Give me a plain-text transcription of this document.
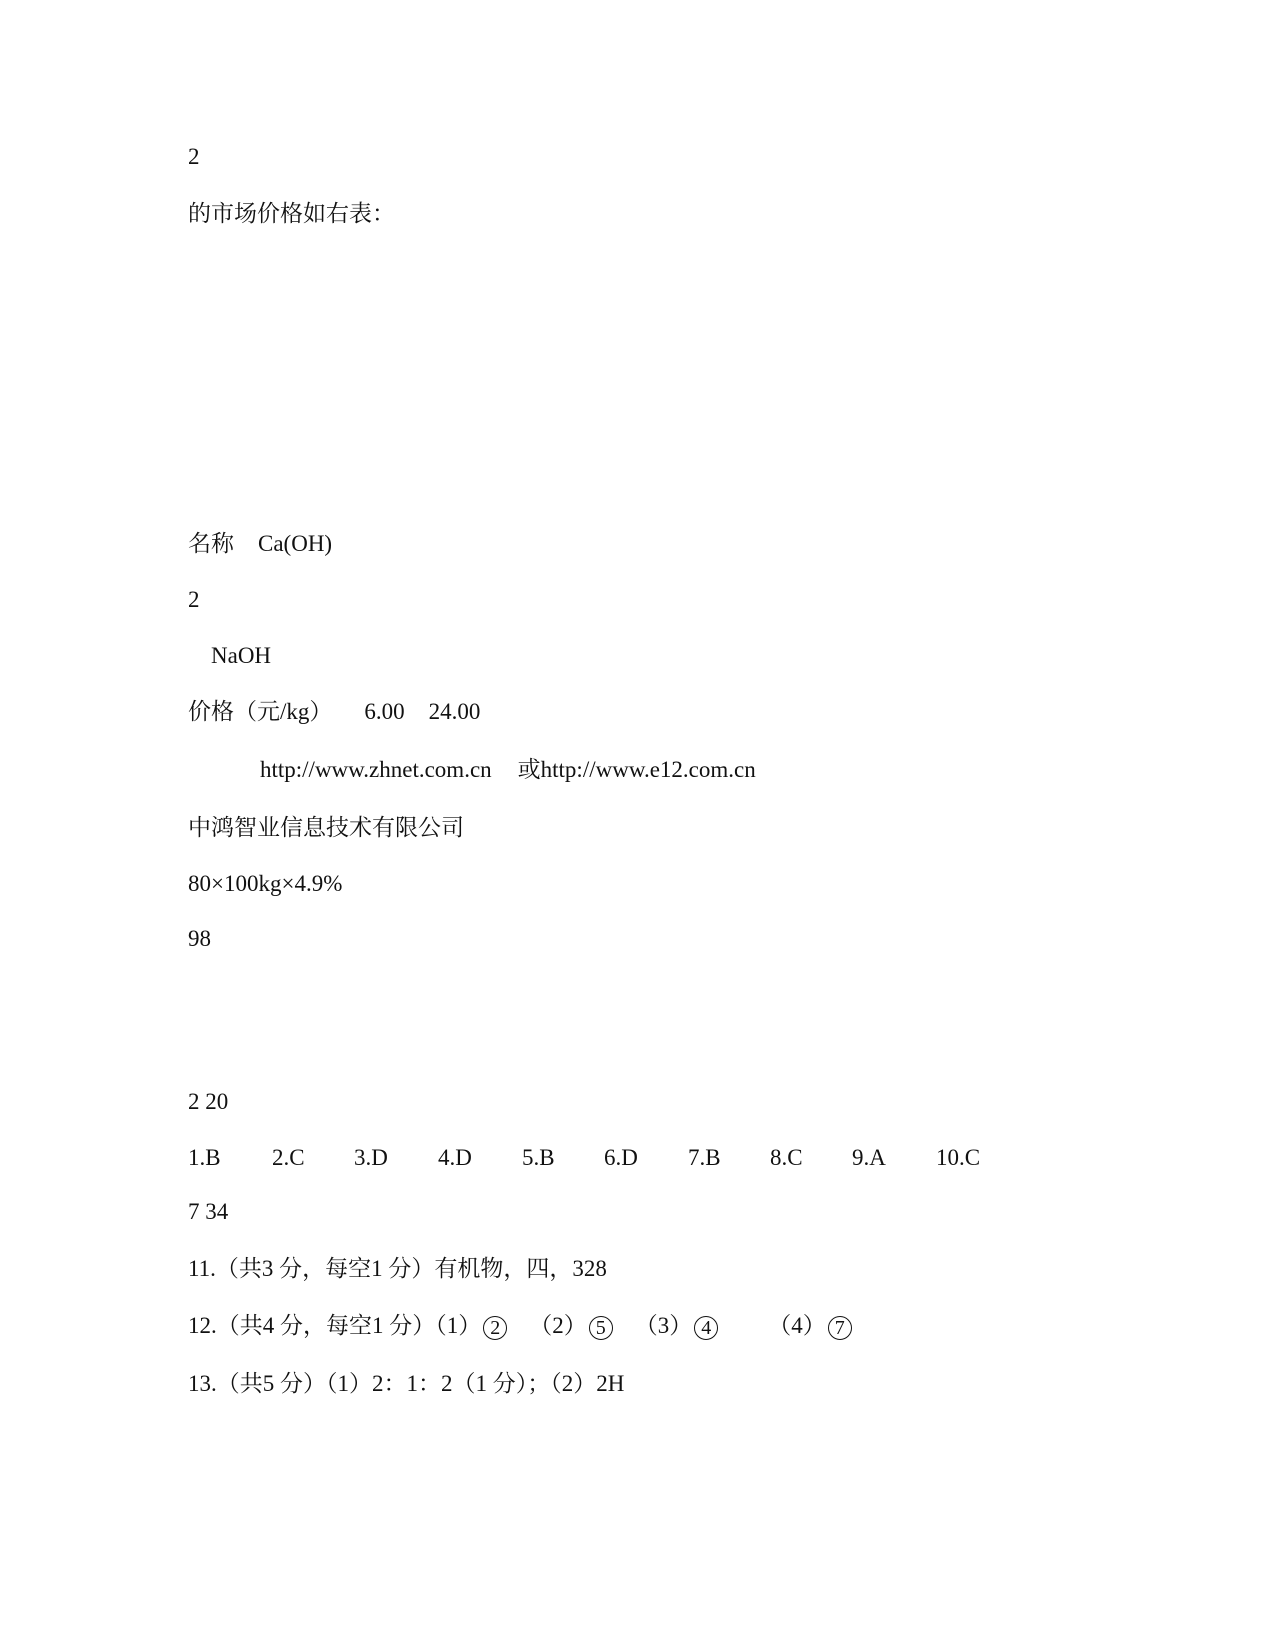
2
的市场价格如右表：
名称 Ca(OH)
2
NaOH
价格（元/kg） 6.00 24.00
http://www.zhnet.com.cn 或http://www.e12.com.cn
中鸿智业信息技术有限公司
80×100kg×4.9%
98
2 20
1.B 2.C 3.D 4.D 5.B 6.D 7.B 8.C 9.A 10.C
7 34
11.（共3 分，每空1 分）有机物，四，328
12.（共4 分，每空1 分）（1） 2 （2） 5 （3） 4 （4） 7
13.（共5 分）（1）2：1：2（1 分）；（2）2H
